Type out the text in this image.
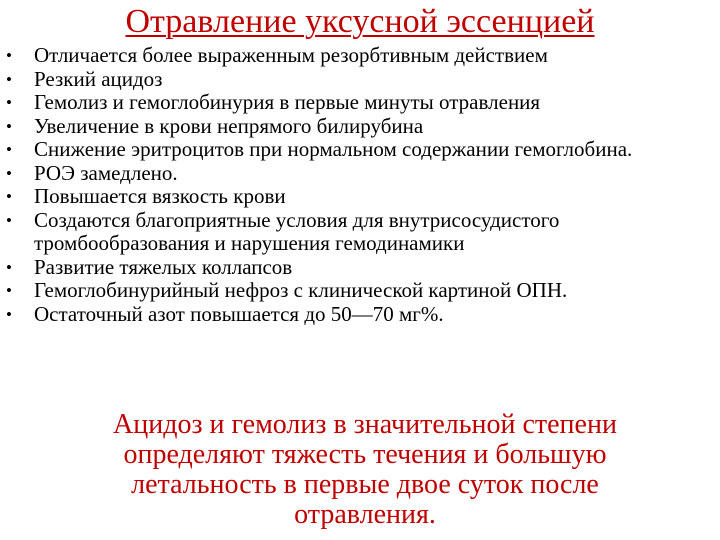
Отравление уксусной эссенцией
•	Отличается более выраженным резорбтивным действием
•	Резкий ацидоз
•	Гемолиз и гемоглобинурия в первые минуты отравления
•	Увеличение в крови непрямого билирубина
•	Снижение эритроцитов при нормальном содержании гемоглобина.
•	РОЭ замедлено.
•	Повышается вязкость крови
•	Создаются благоприятные условия для внутрисосудистого тромбообразования и нарушения гемодинамики
•	Развитие тяжелых коллапсов
•	Гемоглобинурийный нефроз с клинической картиной ОПН.
•	Остаточный азот повышается до 50—70 мг%.
Ацидоз и гемолиз в значительной степени
определяют тяжесть течения и большую
летальность в первые двое суток после
отравления.
